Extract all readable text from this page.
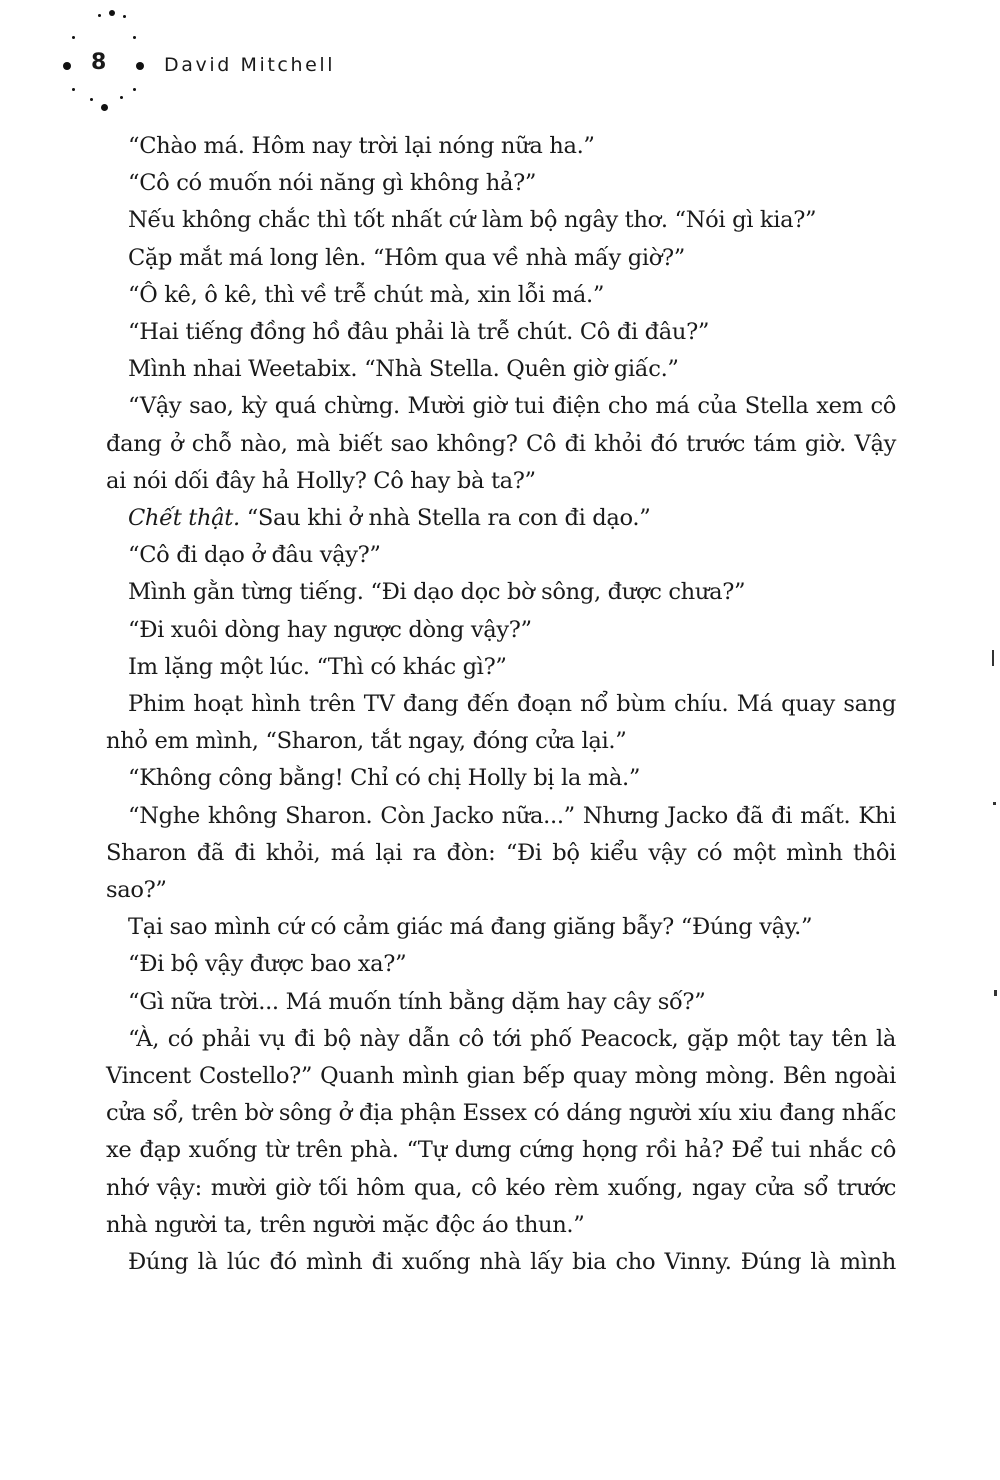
8	David Mitchell

“Chào má. Hôm nay trời lại nóng nữa ha.”

“Cô có muốn nói năng gì không hả?”

Nếu không chắc thì tốt nhất cứ làm bộ ngây thơ. “Nói gì kia?”

Cặp mắt má long lên. “Hôm qua về nhà mấy giờ?”

“Ô kê, ô kê, thì về trễ chút mà, xin lỗi má.”

“Hai tiếng đồng hồ đâu phải là trễ chút. Cô đi đâu?”

Mình nhai Weetabix. “Nhà Stella. Quên giờ giấc.”

“Vậy sao, kỳ quá chừng. Mười giờ tui điện cho má của Stella xem cô đang ở chỗ nào, mà biết sao không? Cô đi khỏi đó trước tám giờ. Vậy ai nói dối đây hả Holly? Cô hay bà ta?”

Chết thật. “Sau khi ở nhà Stella ra con đi dạo.”

“Cô đi dạo ở đâu vậy?”

Mình gằn từng tiếng. “Đi dạo dọc bờ sông, được chưa?”

“Đi xuôi dòng hay ngược dòng vậy?”

Im lặng một lúc. “Thì có khác gì?”

Phim hoạt hình trên TV đang đến đoạn nổ bùm chíu. Má quay sang nhỏ em mình, “Sharon, tắt ngay, đóng cửa lại.”

“Không công bằng! Chỉ có chị Holly bị la mà.”

“Nghe không Sharon. Còn Jacko nữa...” Nhưng Jacko đã đi mất. Khi Sharon đã đi khỏi, má lại ra đòn: “Đi bộ kiểu vậy có một mình thôi sao?”

Tại sao mình cứ có cảm giác má đang giăng bẫy? “Đúng vậy.”

“Đi bộ vậy được bao xa?”

“Gì nữa trời... Má muốn tính bằng dặm hay cây số?”

“À, có phải vụ đi bộ này dẫn cô tới phố Peacock, gặp một tay tên là Vincent Costello?” Quanh mình gian bếp quay mòng mòng. Bên ngoài cửa sổ, trên bờ sông ở địa phận Essex có dáng người xíu xiu đang nhấc xe đạp xuống từ trên phà. “Tự dưng cứng họng rồi hả? Để tui nhắc cô nhớ vậy: mười giờ tối hôm qua, cô kéo rèm xuống, ngay cửa sổ trước nhà người ta, trên người mặc độc áo thun.”

Đúng là lúc đó mình đi xuống nhà lấy bia cho Vinny. Đúng là mình
